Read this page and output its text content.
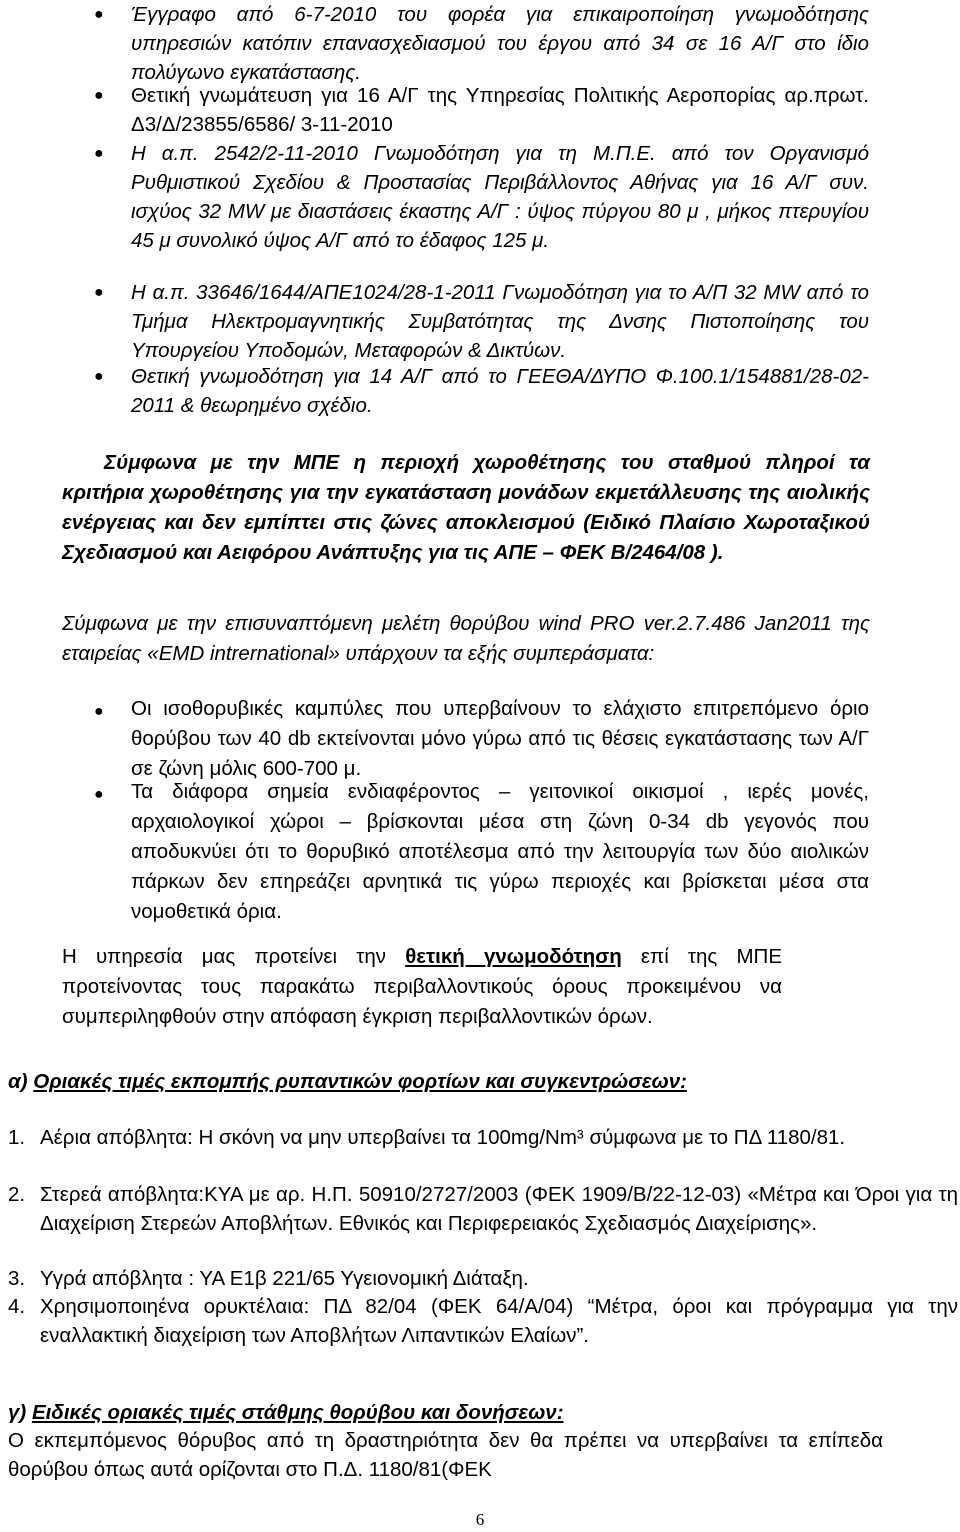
● Έγγραφο από 6-7-2010 του φορέα για επικαιροποίηση γνωμοδότησης υπηρεσιών κατόπιν επανασχεδιασμού του έργου από 34 σε 16 Α/Γ στο ίδιο πολύγωνο εγκατάστασης.
● Θετική γνωμάτευση για 16 Α/Γ της Υπηρεσίας Πολιτικής Αεροπορίας αρ.πρωτ. Δ3/Δ/23855/6586/ 3-11-2010
● Η α.π. 2542/2-11-2010 Γνωμοδότηση για τη Μ.Π.Ε. από τον Οργανισμό Ρυθμιστικού Σχεδίου & Προστασίας Περιβάλλοντος Αθήνας για 16 Α/Γ συν. ισχύος 32 MW με διαστάσεις έκαστης Α/Γ : ύψος πύργου 80 μ , μήκος πτερυγίου 45 μ συνολικό ύψος Α/Γ από το έδαφος 125 μ.
● Η α.π. 33646/1644/ΑΠΕ1024/28-1-2011 Γνωμοδότηση για το Α/Π 32 MW από το Τμήμα Ηλεκτρομαγνητικής Συμβατότητας της Δνσης Πιστοποίησης του Υπουργείου Υποδομών, Μεταφορών & Δικτύων.
● Θετική γνωμοδότηση για 14 Α/Γ από το ΓΕΕΘΑ/ΔΥΠΟ Φ.100.1/154881/28-02-2011 & θεωρημένο σχέδιο.
Σύμφωνα με την ΜΠΕ η περιοχή χωροθέτησης του σταθμού πληροί τα κριτήρια χωροθέτησης για την εγκατάσταση μονάδων εκμετάλλευσης της αιολικής ενέργειας και δεν εμπίπτει στις ζώνες αποκλεισμού (Ειδικό Πλαίσιο Χωροταξικού Σχεδιασμού και Αειφόρου Ανάπτυξης για τις ΑΠΕ – ΦΕΚ Β/2464/08 ).
Σύμφωνα με την επισυναπτόμενη μελέτη θορύβου wind PRO ver.2.7.486 Jan2011 της εταιρείας «EMD intrernational» υπάρχουν τα εξής συμπεράσματα:
● Οι ισοθορυβικές καμπύλες που υπερβαίνουν το ελάχιστο επιτρεπόμενο όριο θορύβου των 40 db εκτείνονται μόνο γύρω από τις θέσεις εγκατάστασης των Α/Γ σε ζώνη μόλις 600-700 μ.
● Τα διάφορα σημεία ενδιαφέροντος – γειτονικοί οικισμοί , ιερές μονές, αρχαιολογικοί χώροι – βρίσκονται μέσα στη ζώνη 0-34 db γεγονός που αποδυκνύει ότι το θορυβικό αποτέλεσμα από την λειτουργία των δύο αιολικών πάρκων δεν επηρεάζει αρνητικά τις γύρω περιοχές και βρίσκεται μέσα στα νομοθετικά όρια.
Η υπηρεσία μας προτείνει την θετική γνωμοδότηση επί της ΜΠΕ προτείνοντας τους παρακάτω περιβαλλοντικούς όρους προκειμένου να συμπεριληφθούν στην απόφαση έγκριση περιβαλλοντικών όρων.
α) Οριακές τιμές εκπομπής ρυπαντικών φορτίων και συγκεντρώσεων:
1. Αέρια απόβλητα: Η σκόνη να μην υπερβαίνει τα 100mg/Nm³ σύμφωνα με το ΠΔ 1180/81.
2. Στερεά απόβλητα:ΚΥΑ με αρ. Η.Π. 50910/2727/2003 (ΦΕΚ 1909/Β/22-12-03) «Μέτρα και Όροι για τη Διαχείριση Στερεών Αποβλήτων. Εθνικός και Περιφερειακός Σχεδιασμός Διαχείρισης».
3. Υγρά απόβλητα : ΥΑ Ε1β 221/65 Υγειονομική Διάταξη.
4. Χρησιμοποιηένα ορυκτέλαια: ΠΔ 82/04 (ΦΕΚ 64/Α/04) “Μέτρα, όροι και πρόγραμμα για την εναλλακτική διαχείριση των Αποβλήτων Λιπαντικών Ελαίων”.
γ) Ειδικές οριακές τιμές στάθμης θορύβου και δονήσεων:
Ο εκπεμπόμενος θόρυβος από τη δραστηριότητα δεν θα πρέπει να υπερβαίνει τα επίπεδα θορύβου όπως αυτά ορίζονται στο Π.Δ. 1180/81(ΦΕΚ
6
